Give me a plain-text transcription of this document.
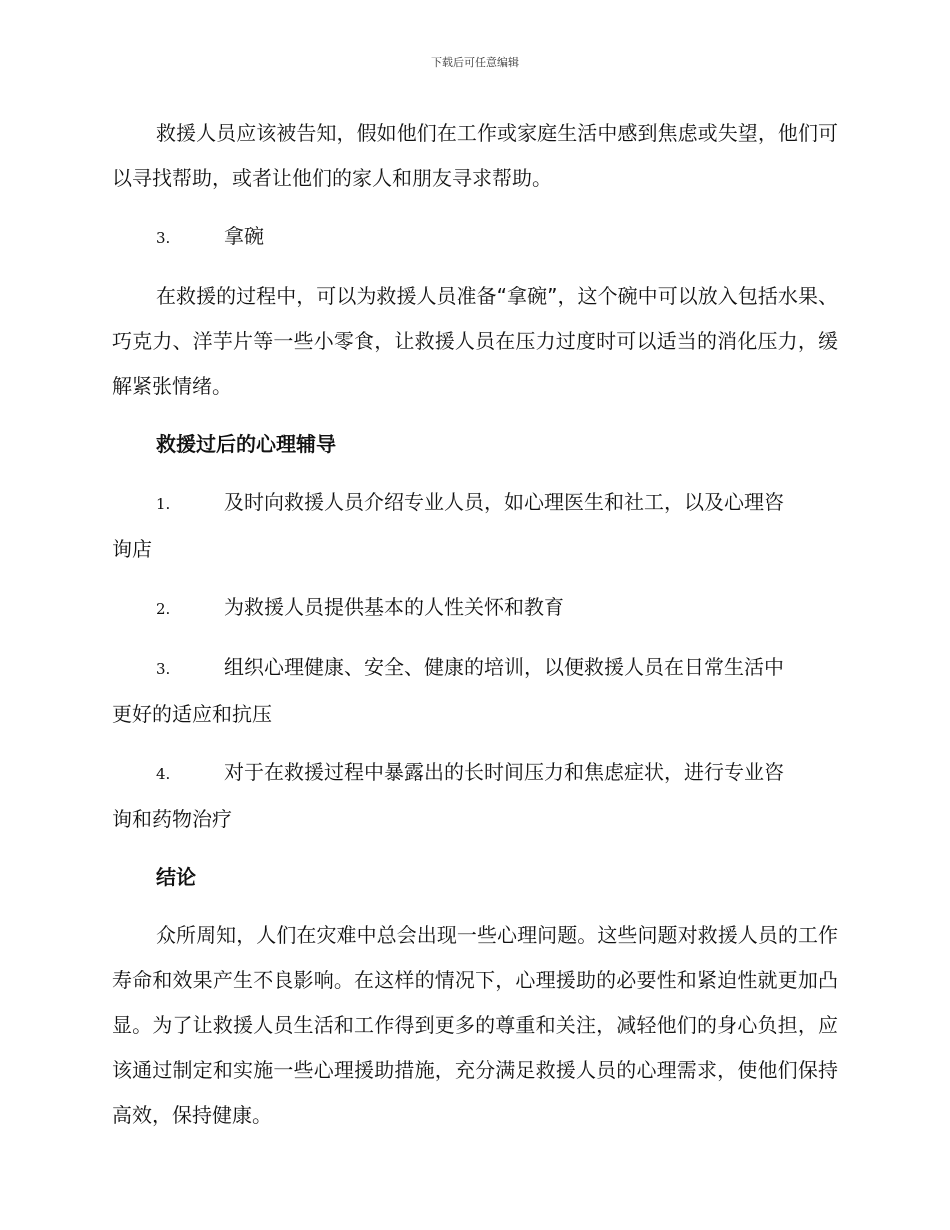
下载后可任意编辑

救援人员应该被告知，假如他们在工作或家庭生活中感到焦虑或失望，他们可以寻找帮助，或者让他们的家人和朋友寻求帮助。

3.	拿碗

在救援的过程中，可以为救援人员准备“拿碗”，这个碗中可以放入包括水果、巧克力、洋芋片等一些小零食，让救援人员在压力过度时可以适当的消化压力，缓解紧张情绪。

救援过后的心理辅导
1.	及时向救援人员介绍专业人员，如心理医生和社工，以及心理咨
询店
2.	为救援人员提供基本的人性关怀和教育
3.	组织心理健康、安全、健康的培训，以便救援人员在日常生活中
更好的适应和抗压
4.	对于在救援过程中暴露出的长时间压力和焦虑症状，进行专业咨
询和药物治疗
结论

众所周知，人们在灾难中总会出现一些心理问题。这些问题对救援人员的工作寿命和效果产生不良影响。在这样的情况下，心理援助的必要性和紧迫性就更加凸显。为了让救援人员生活和工作得到更多的尊重和关注，减轻他们的身心负担，应该通过制定和实施一些心理援助措施，充分满足救援人员的心理需求，使他们保持高效，保持健康。
